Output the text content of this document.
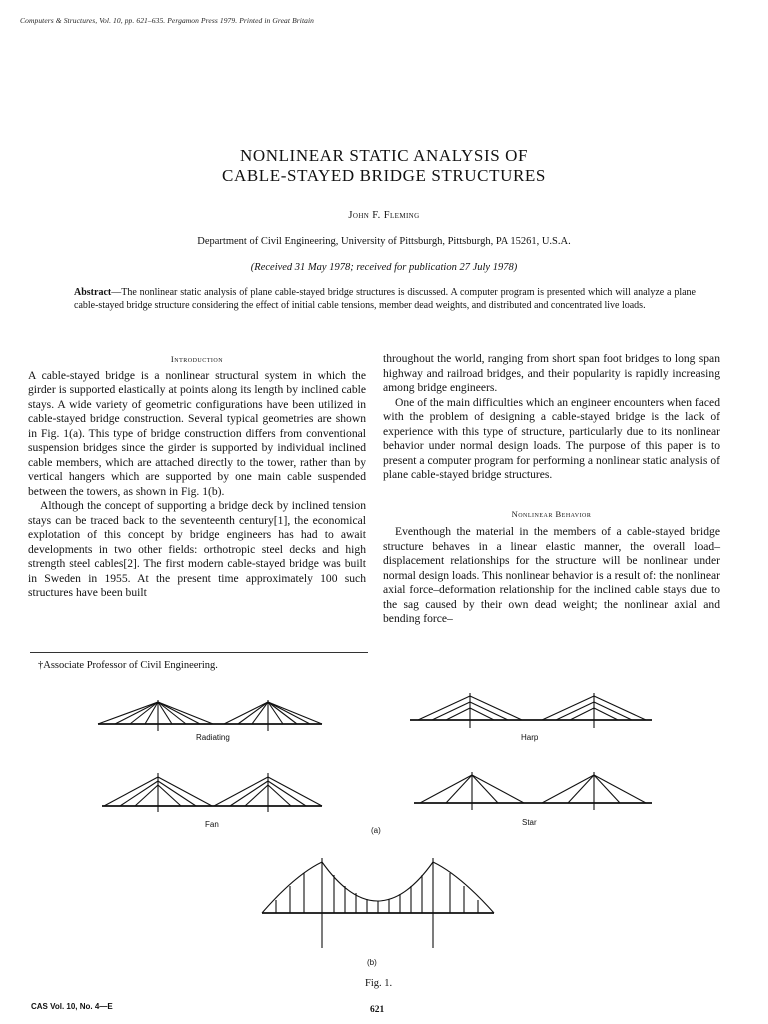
Computers & Structures, Vol. 10, pp. 621–635. Pergamon Press 1979. Printed in Great Britain
NONLINEAR STATIC ANALYSIS OF
CABLE-STAYED BRIDGE STRUCTURES
John F. Fleming
Department of Civil Engineering, University of Pittsburgh, Pittsburgh, PA 15261, U.S.A.
(Received 31 May 1978; received for publication 27 July 1978)
Abstract—The nonlinear static analysis of plane cable-stayed bridge structures is discussed. A computer program is presented which will analyze a plane cable-stayed bridge structure considering the effect of initial cable tensions, member dead weights, and distributed and concentrated live loads.
Introduction

A cable-stayed bridge is a nonlinear structural system in which the girder is supported elastically at points along its length by inclined cable stays. A wide variety of geometric configurations have been utilized in cable-stayed bridge construction. Several typical geometries are shown in Fig. 1(a). This type of bridge construction differs from conventional suspension bridges since the girder is supported by individual inclined cable members, which are attached directly to the tower, rather than by vertical hangers which are supported by one main cable suspended between the towers, as shown in Fig. 1(b).

Although the concept of supporting a bridge deck by inclined tension stays can be traced back to the seventeenth century[1], the economical explotation of this concept by bridge engineers has had to await developments in two other fields: orthotropic steel decks and high strength steel cables[2]. The first modern cable-stayed bridge was built in Sweden in 1955. At the present time approximately 100 such structures have been built

†Associate Professor of Civil Engineering.

throughout the world, ranging from short span foot bridges to long span highway and railroad bridges, and their popularity is rapidly increasing among bridge engineers.

One of the main difficulties which an engineer encounters when faced with the problem of designing a cable-stayed bridge is the lack of experience with this type of structure, particularly due to its nonlinear behavior under normal design loads. The purpose of this paper is to present a computer program for performing a nonlinear static analysis of plane cable-stayed bridge structures.

Nonlinear Behavior

Eventhough the material in the members of a cable-stayed bridge structure behaves in a linear elastic manner, the overall load–displacement relationships for the structure will be nonlinear under normal design loads. This nonlinear behavior is a result of: the nonlinear axial force–deformation relationship for the inclined cable stays due to the sag caused by their own dead weight; the nonlinear axial and bending force–

Radiating	Harp
Fan	Star
(a)
(b)
Fig. 1.
CAS Vol. 10, No. 4—E	621
